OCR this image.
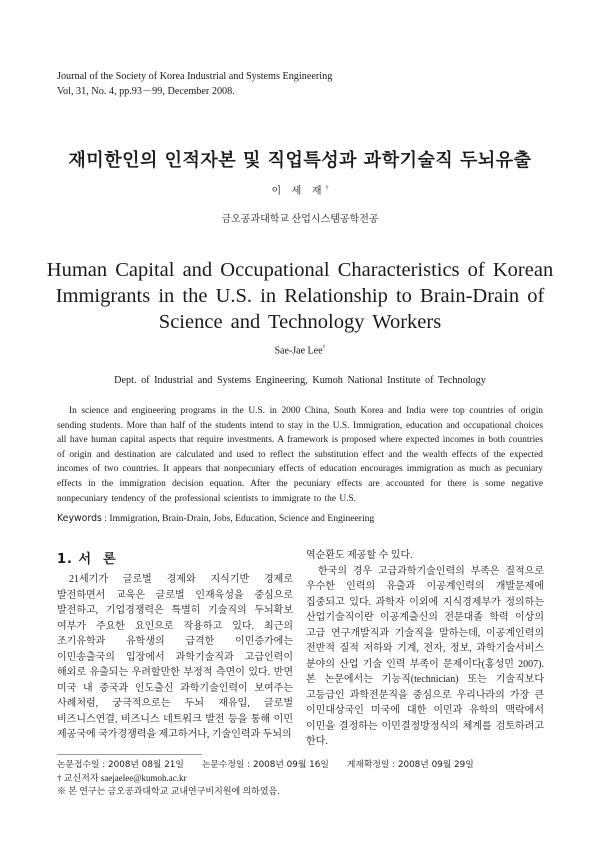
Journal of the Society of Korea Industrial and Systems Engineering
Vol, 31, No. 4, pp.93－99, December 2008.
재미한인의 인적자본 및 직업특성과 과학기술직 두뇌유출
이 세 재†
금오공과대학교 산업시스템공학전공
Human Capital and Occupational Characteristics of Korean Immigrants in the U.S. in Relationship to Brain-Drain of Science and Technology Workers
Sae-Jae Lee†
Dept. of Industrial and Systems Engineering, Kumoh National Institute of Technology
In science and engineering programs in the U.S. in 2000 China, South Korea and India were top countries of origin sending students. More than half of the students intend to stay in the U.S. Immigration, education and occupational choices all have human capital aspects that require investments. A framework is proposed where expected incomes in both countries of origin and destination are calculated and used to reflect the substitution effect and the wealth effects of the expected incomes of two countries. It appears that nonpecuniary effects of education encourages immigration as much as pecuniary effects in the immigration decision equation. After the pecuniary effects are accounted for there is some negative nonpecuniary tendency of the professional scientists to immigrate to the U.S.
Keywords : Immigration, Brain-Drain, Jobs, Education, Science and Engineering
1. 서  론

21세기가 글로벌 경제와 지식기반 경제로 발전하면서 교육은 글로벌 인재육성을 중심으로 발전하고, 기업경쟁력은 특별히 기술직의 두뇌확보 여부가 주요한 요인으로 작용하고 있다. 최근의 조기유학과 유학생의 급격한 이민증가에는 이민송출국의 입장에서 과학기술직과 고급인력이 해외로 유출되는 우려할만한 부정적 측면이 있다. 반면 미국 내 중국과 인도출신 과학기술인력이 보여주는 사례처럼, 궁극적으로는 두뇌 재유입, 글로벌 비즈니스연결, 비즈니스 네트워크 발전 등을 통해 이민 제공국에 국가경쟁력을 제고하거나, 기술인력과 두뇌의

역순환도 제공할 수 있다.

한국의 경우 고급과학기술인력의 부족은 질적으로 우수한 인력의 유출과 이공계인력의 개발문제에 집중되고 있다. 과학자 이외에 지식경제부가 정의하는 산업기술직이란 이공계출신의 전문대졸 학력 이상의 고급 연구개발직과 기술직을 말하는데, 이공계인력의 전반적 질적 저하와 기계, 전자, 정보, 과학기술서비스 분야의 산업 기술 인력 부족이 문제이다(홍성민 2007). 본 논문에서는 기능직(technician) 또는 기술직보다 고등급인 과학전문직을 중심으로 우리나라의 가장 큰 이민대상국인 미국에 대한 이민과 유학의 맥락에서 이민을 결정하는 이민결정방정식의 체계를 검토하려고 한다.

논문접수일 : 2008년 08월 21일 논문수정일 : 2008년 09월 16일 게재확정일 : 2008년 09월 29일
† 교신저자 saejaelee@kumoh.ac.kr
※ 본 연구는 금오공과대학교 교내연구비지원에 의하였음.
